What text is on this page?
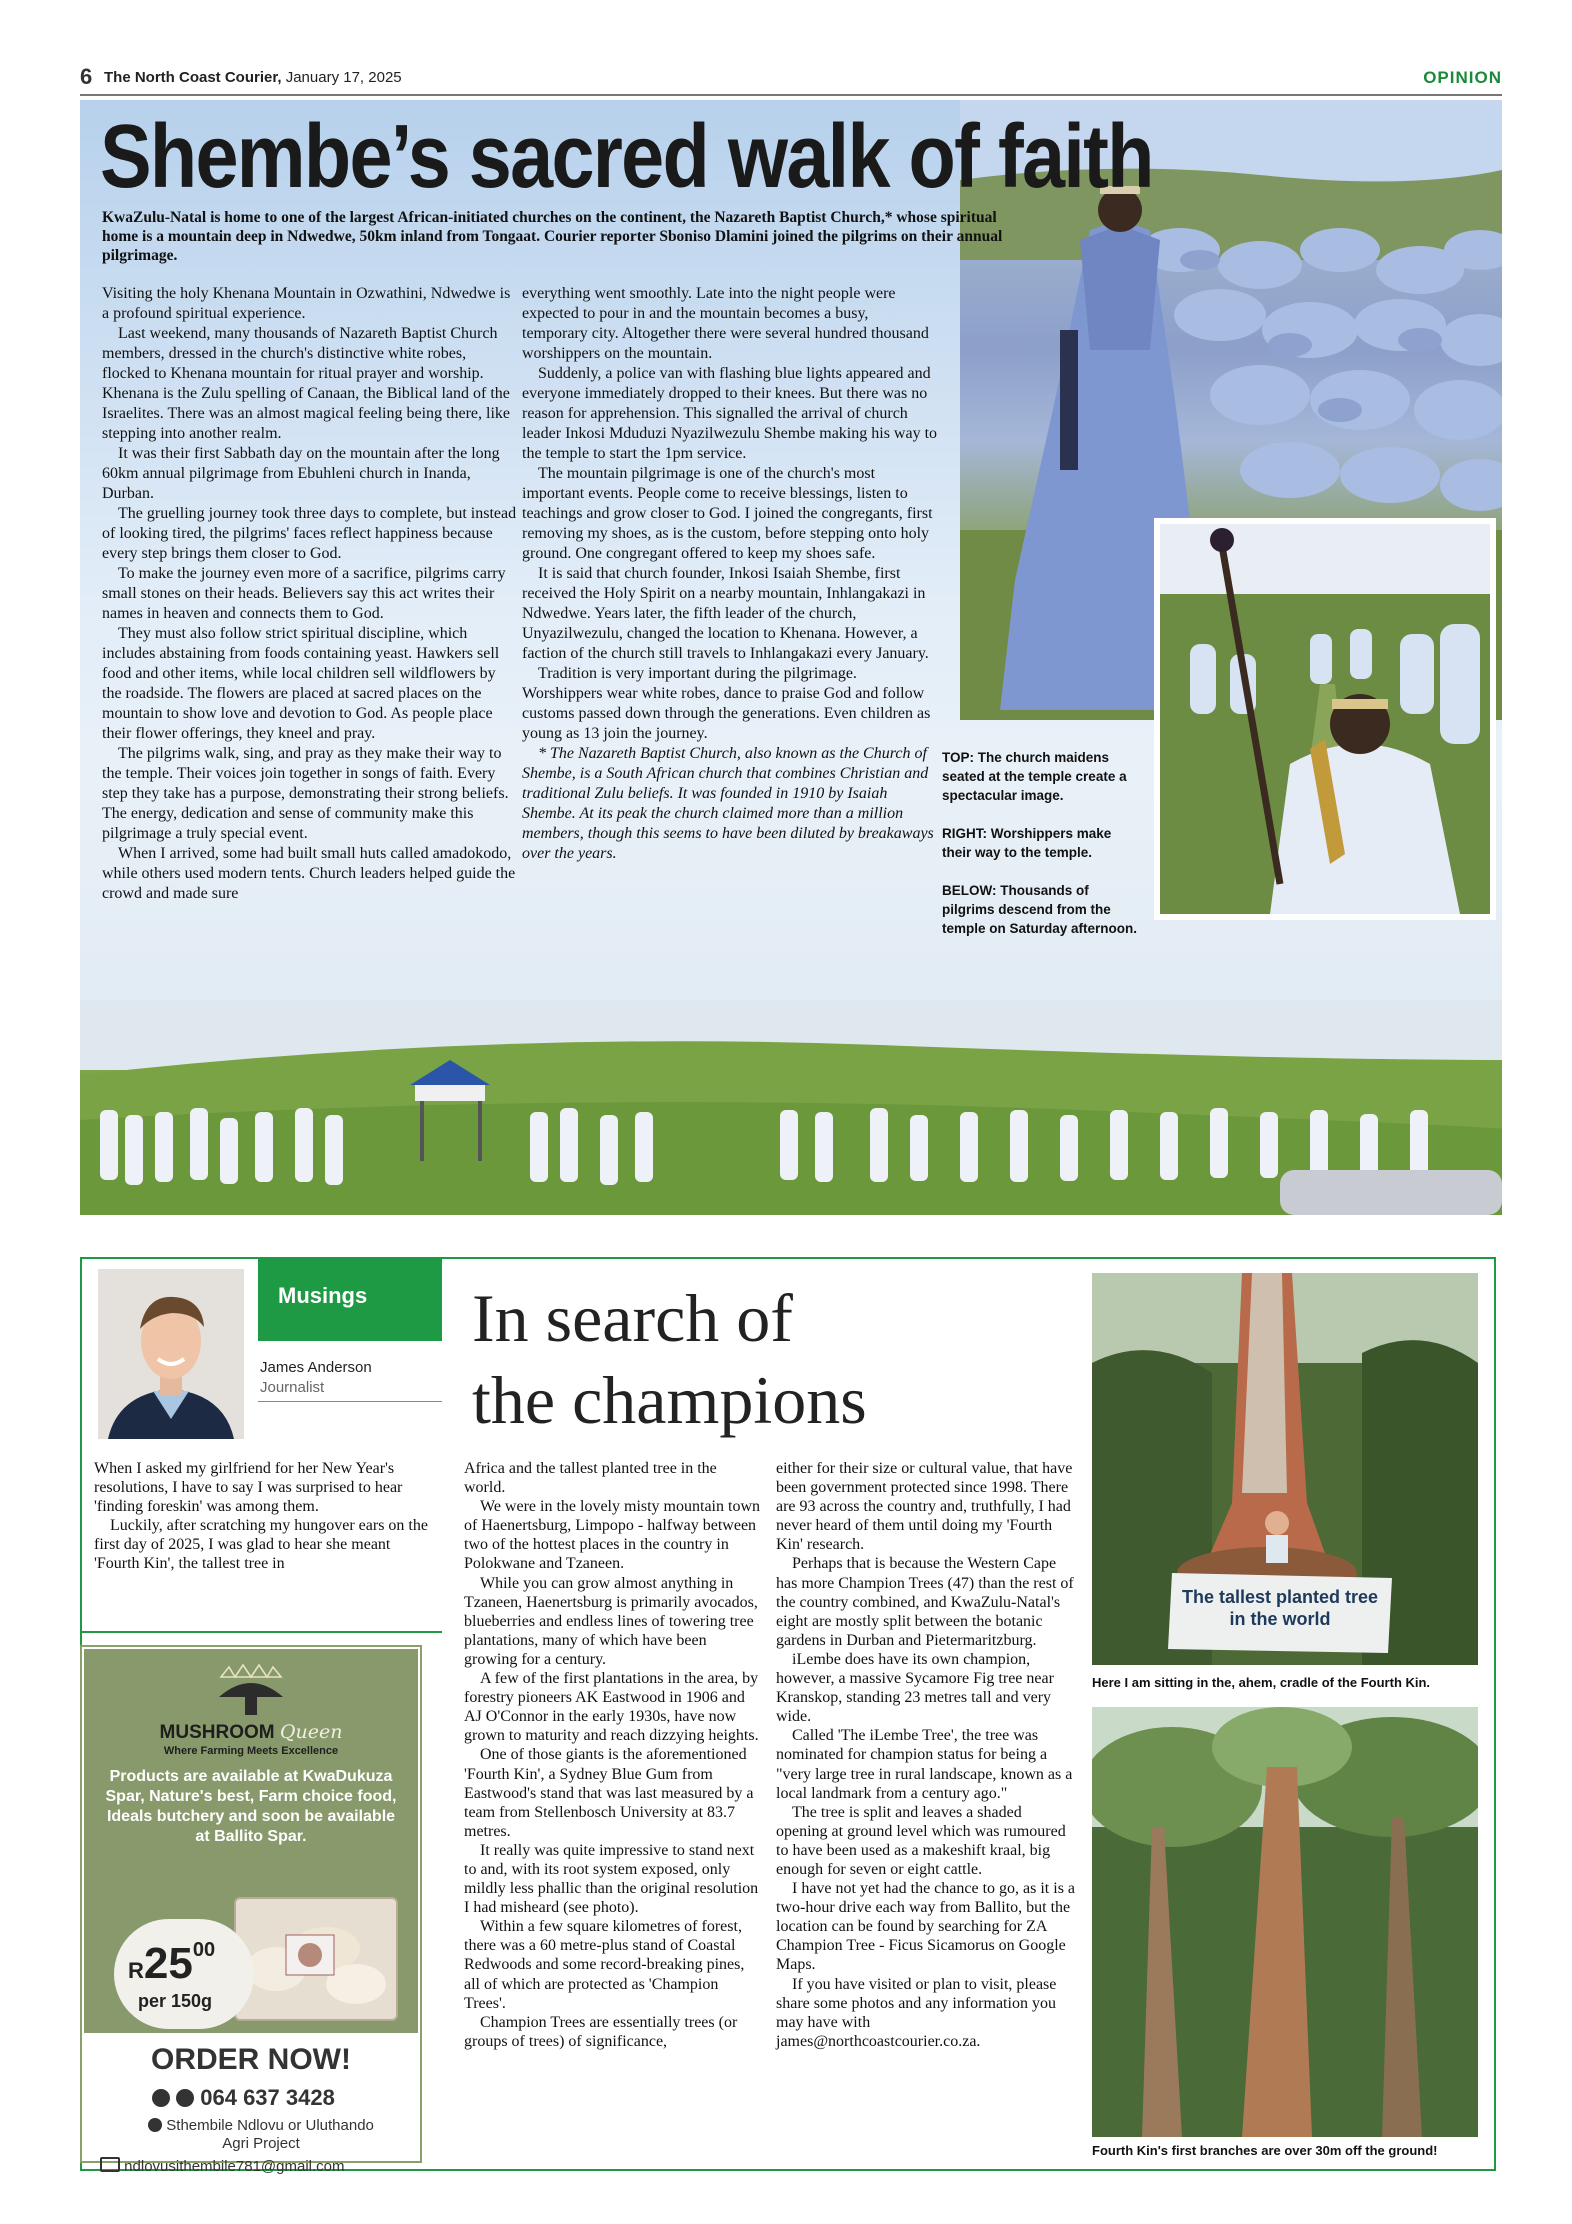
6 The North Coast Courier, January 17, 2025	OPINION
Shembe’s sacred walk of faith
KwaZulu-Natal is home to one of the largest African-initiated churches on the continent, the Nazareth Baptist Church,* whose spiritual home is a mountain deep in Ndwedwe, 50km inland from Tongaat. Courier reporter Sboniso Dlamini joined the pilgrims on their annual pilgrimage.

Visiting the holy Khenana Mountain in Ozwathini, Ndwedwe is a profound spiritual experience.

Last weekend, many thousands of Nazareth Baptist Church members, dressed in the church's distinctive white robes, flocked to Khenana mountain for ritual prayer and worship. Khenana is the Zulu spelling of Canaan, the Biblical land of the Israelites. There was an almost magical feeling being there, like stepping into another realm.

It was their first Sabbath day on the mountain after the long 60km annual pilgrimage from Ebuhleni church in Inanda, Durban.

The gruelling journey took three days to complete, but instead of looking tired, the pilgrims' faces reflect happiness because every step brings them closer to God.

To make the journey even more of a sacrifice, pilgrims carry small stones on their heads. Believers say this act writes their names in heaven and connects them to God.

They must also follow strict spiritual discipline, which includes abstaining from foods containing yeast. Hawkers sell food and other items, while local children sell wildflowers by the roadside. The flowers are placed at sacred places on the mountain to show love and devotion to God. As people place their flower offerings, they kneel and pray.

The pilgrims walk, sing, and pray as they make their way to the temple. Their voices join together in songs of faith. Every step they take has a purpose, demonstrating their strong beliefs. The energy, dedication and sense of community make this pilgrimage a truly special event.

When I arrived, some had built small huts called amadokodo, while others used modern tents. Church leaders helped guide the crowd and made sure

everything went smoothly. Late into the night people were expected to pour in and the mountain becomes a busy, temporary city. Altogether there were several hundred thousand worshippers on the mountain.

Suddenly, a police van with flashing blue lights appeared and everyone immediately dropped to their knees. But there was no reason for apprehension. This signalled the arrival of church leader Inkosi Mduduzi Nyazilwezulu Shembe making his way to the temple to start the 1pm service.

The mountain pilgrimage is one of the church's most important events. People come to receive blessings, listen to teachings and grow closer to God. I joined the congregants, first removing my shoes, as is the custom, before stepping onto holy ground. One congregant offered to keep my shoes safe.

It is said that church founder, Inkosi Isaiah Shembe, first received the Holy Spirit on a nearby mountain, Inhlangakazi in Ndwedwe. Years later, the fifth leader of the church, Unyazilwezulu, changed the location to Khenana. However, a faction of the church still travels to Inhlangakazi every January.

Tradition is very important during the pilgrimage. Worshippers wear white robes, dance to praise God and follow customs passed down through the generations. Even children as young as 13 join the journey.

* The Nazareth Baptist Church, also known as the Church of Shembe, is a South African church that combines Christian and traditional Zulu beliefs. It was founded in 1910 by Isaiah Shembe. At its peak the church claimed more than a million members, though this seems to have been diluted by breakaways over the years.

TOP: The church maidens seated at the temple create a spectacular image.

RIGHT: Worshippers make their way to the temple.

BELOW: Thousands of pilgrims descend from the temple on Saturday afternoon.

Musings
James Anderson
Journalist
In search of the champions

When I asked my girlfriend for her New Year's resolutions, I have to say I was surprised to hear 'finding foreskin' was among them.

Luckily, after scratching my hungover ears on the first day of 2025, I was glad to hear she meant 'Fourth Kin', the tallest tree in

Africa and the tallest planted tree in the world.

We were in the lovely misty mountain town of Haenertsburg, Limpopo - halfway between two of the hottest places in the country in Polokwane and Tzaneen.

While you can grow almost anything in Tzaneen, Haenertsburg is primarily avocados, blueberries and endless lines of towering tree plantations, many of which have been growing for a century.

A few of the first plantations in the area, by forestry pioneers AK Eastwood in 1906 and AJ O'Connor in the early 1930s, have now grown to maturity and reach dizzying heights.

One of those giants is the aforementioned 'Fourth Kin', a Sydney Blue Gum from Eastwood's stand that was last measured by a team from Stellenbosch University at 83.7 metres.

It really was quite impressive to stand next to and, with its root system exposed, only mildly less phallic than the original resolution I had misheard (see photo).

Within a few square kilometres of forest, there was a 60 metre-plus stand of Coastal Redwoods and some record-breaking pines, all of which are protected as 'Champion Trees'.

Champion Trees are essentially trees (or groups of trees) of significance,

either for their size or cultural value, that have been government protected since 1998. There are 93 across the country and, truthfully, I had never heard of them until doing my 'Fourth Kin' research.

Perhaps that is because the Western Cape has more Champion Trees (47) than the rest of the country combined, and KwaZulu-Natal's eight are mostly split between the botanic gardens in Durban and Pietermaritzburg.

iLembe does have its own champion, however, a massive Sycamore Fig tree near Kranskop, standing 23 metres tall and very wide.

Called 'The iLembe Tree', the tree was nominated for champion status for being a "very large tree in rural landscape, known as a local landmark from a century ago."

The tree is split and leaves a shaded opening at ground level which was rumoured to have been used as a makeshift kraal, big enough for seven or eight cattle.

I have not yet had the chance to go, as it is a two-hour drive each way from Ballito, but the location can be found by searching for ZA Champion Tree - Ficus Sicamorus on Google Maps.

If you have visited or plan to visit, please share some photos and any information you may have with james@northcoastcourier.co.za.

The tallest planted tree
in the world
Here I am sitting in the, ahem, cradle of the Fourth Kin.
Fourth Kin's first branches are over 30m off the ground!
MUSHROOM Queen
Where Farming Meets Excellence
Products are available at KwaDukuza Spar, Nature's best, Farm choice food, Ideals butchery and soon be available at Ballito Spar.
R2500
per 150g
ORDER NOW!
064 637 3428
Sthembile Ndlovu or Uluthando Agri Project
ndlovusithembile781@gmail.com
